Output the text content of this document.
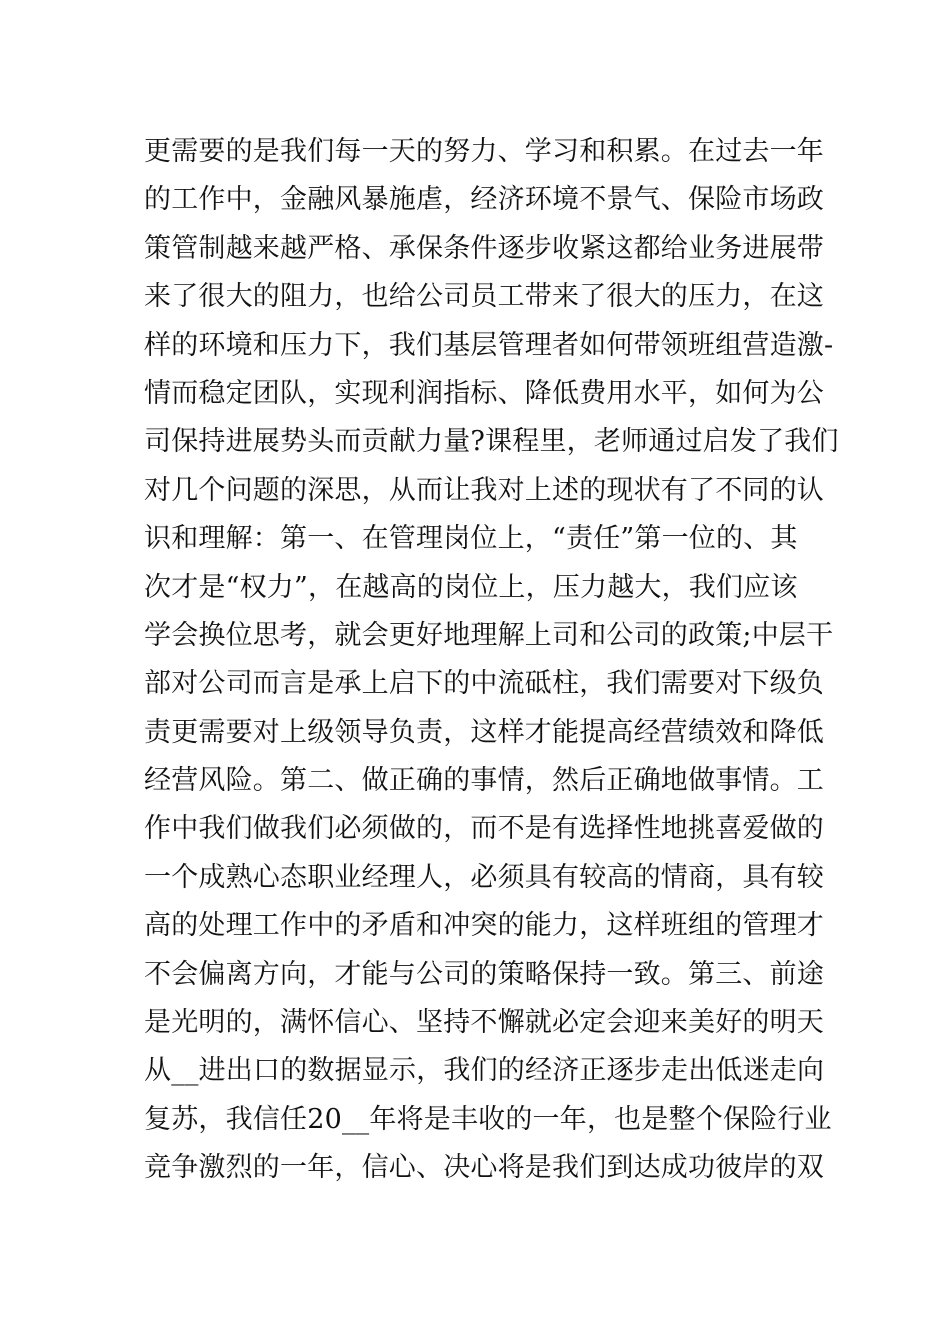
更需要的是我们每一天的努力、学习和积累。在过去一年
的工作中，金融风暴施虐，经济环境不景气、保险市场政
策管制越来越严格、承保条件逐步收紧这都给业务进展带
来了很大的阻力，也给公司员工带来了很大的压力，在这
样的环境和压力下，我们基层管理者如何带领班组营造激-
情而稳定团队，实现利润指标、降低费用水平，如何为公
司保持进展势头而贡献力量?课程里，老师通过启发了我们
对几个问题的深思，从而让我对上述的现状有了不同的认
识和理解：第一、在管理岗位上，“责任”第一位的、其
次才是“权力”，在越高的岗位上，压力越大，我们应该
学会换位思考，就会更好地理解上司和公司的政策;中层干
部对公司而言是承上启下的中流砥柱，我们需要对下级负
责更需要对上级领导负责，这样才能提高经营绩效和降低
经营风险。第二、做正确的事情，然后正确地做事情。工
作中我们做我们必须做的，而不是有选择性地挑喜爱做的
一个成熟心态职业经理人，必须具有较高的情商，具有较
高的处理工作中的矛盾和冲突的能力，这样班组的管理才
不会偏离方向，才能与公司的策略保持一致。第三、前途
是光明的，满怀信心、坚持不懈就必定会迎来美好的明天
从__进出口的数据显示，我们的经济正逐步走出低迷走向
复苏，我信任20__年将是丰收的一年，也是整个保险行业
竞争激烈的一年，信心、决心将是我们到达成功彼岸的双
